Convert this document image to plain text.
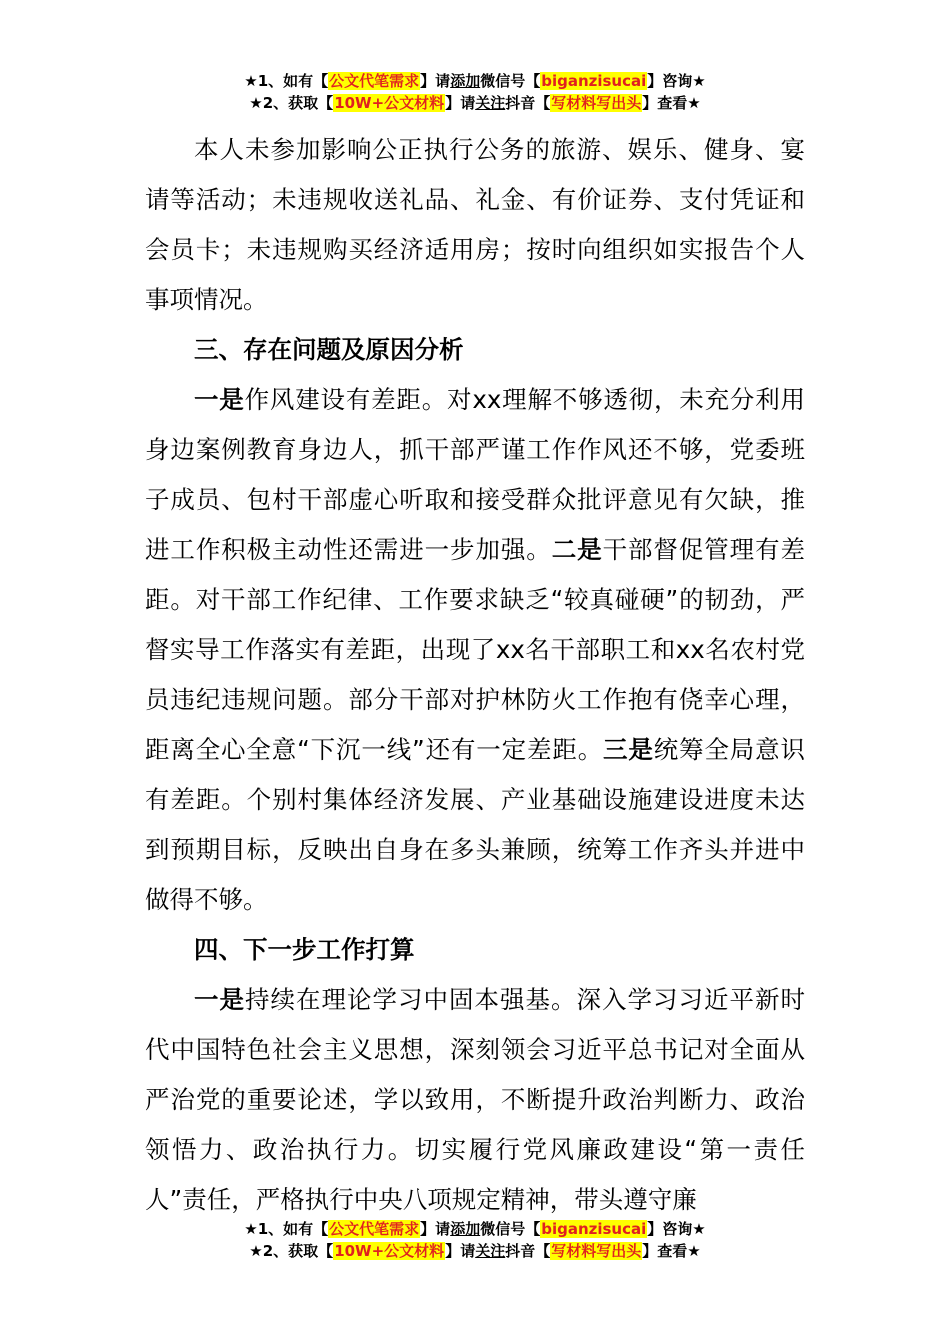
★1、如有【公文代笔需求】请添加微信号【biganzisucai】咨询★
★2、获取【10W+公文材料】请关注抖音【写材料写出头】查看★

本人未参加影响公正执行公务的旅游、娱乐、健身、宴请等活动；未违规收送礼品、礼金、有价证券、支付凭证和会员卡；未违规购买经济适用房；按时向组织如实报告个人事项情况。

三、存在问题及原因分析

一是作风建设有差距。对xx理解不够透彻，未充分利用身边案例教育身边人，抓干部严谨工作作风还不够，党委班子成员、包村干部虚心听取和接受群众批评意见有欠缺，推进工作积极主动性还需进一步加强。二是干部督促管理有差距。对干部工作纪律、工作要求缺乏“较真碰硬”的韧劲，严督实导工作落实有差距，出现了xx名干部职工和xx名农村党员违纪违规问题。部分干部对护林防火工作抱有侥幸心理，距离全心全意“下沉一线”还有一定差距。三是统筹全局意识有差距。个别村集体经济发展、产业基础设施建设进度未达到预期目标，反映出自身在多头兼顾，统筹工作齐头并进中做得不够。

四、下一步工作打算

一是持续在理论学习中固本强基。深入学习习近平新时代中国特色社会主义思想，深刻领会习近平总书记对全面从严治党的重要论述，学以致用，不断提升政治判断力、政治领悟力、政治执行力。切实履行党风廉政建设“第一责任人”责任，严格执行中央八项规定精神，带头遵守廉

★1、如有【公文代笔需求】请添加微信号【biganzisucai】咨询★
★2、获取【10W+公文材料】请关注抖音【写材料写出头】查看★
